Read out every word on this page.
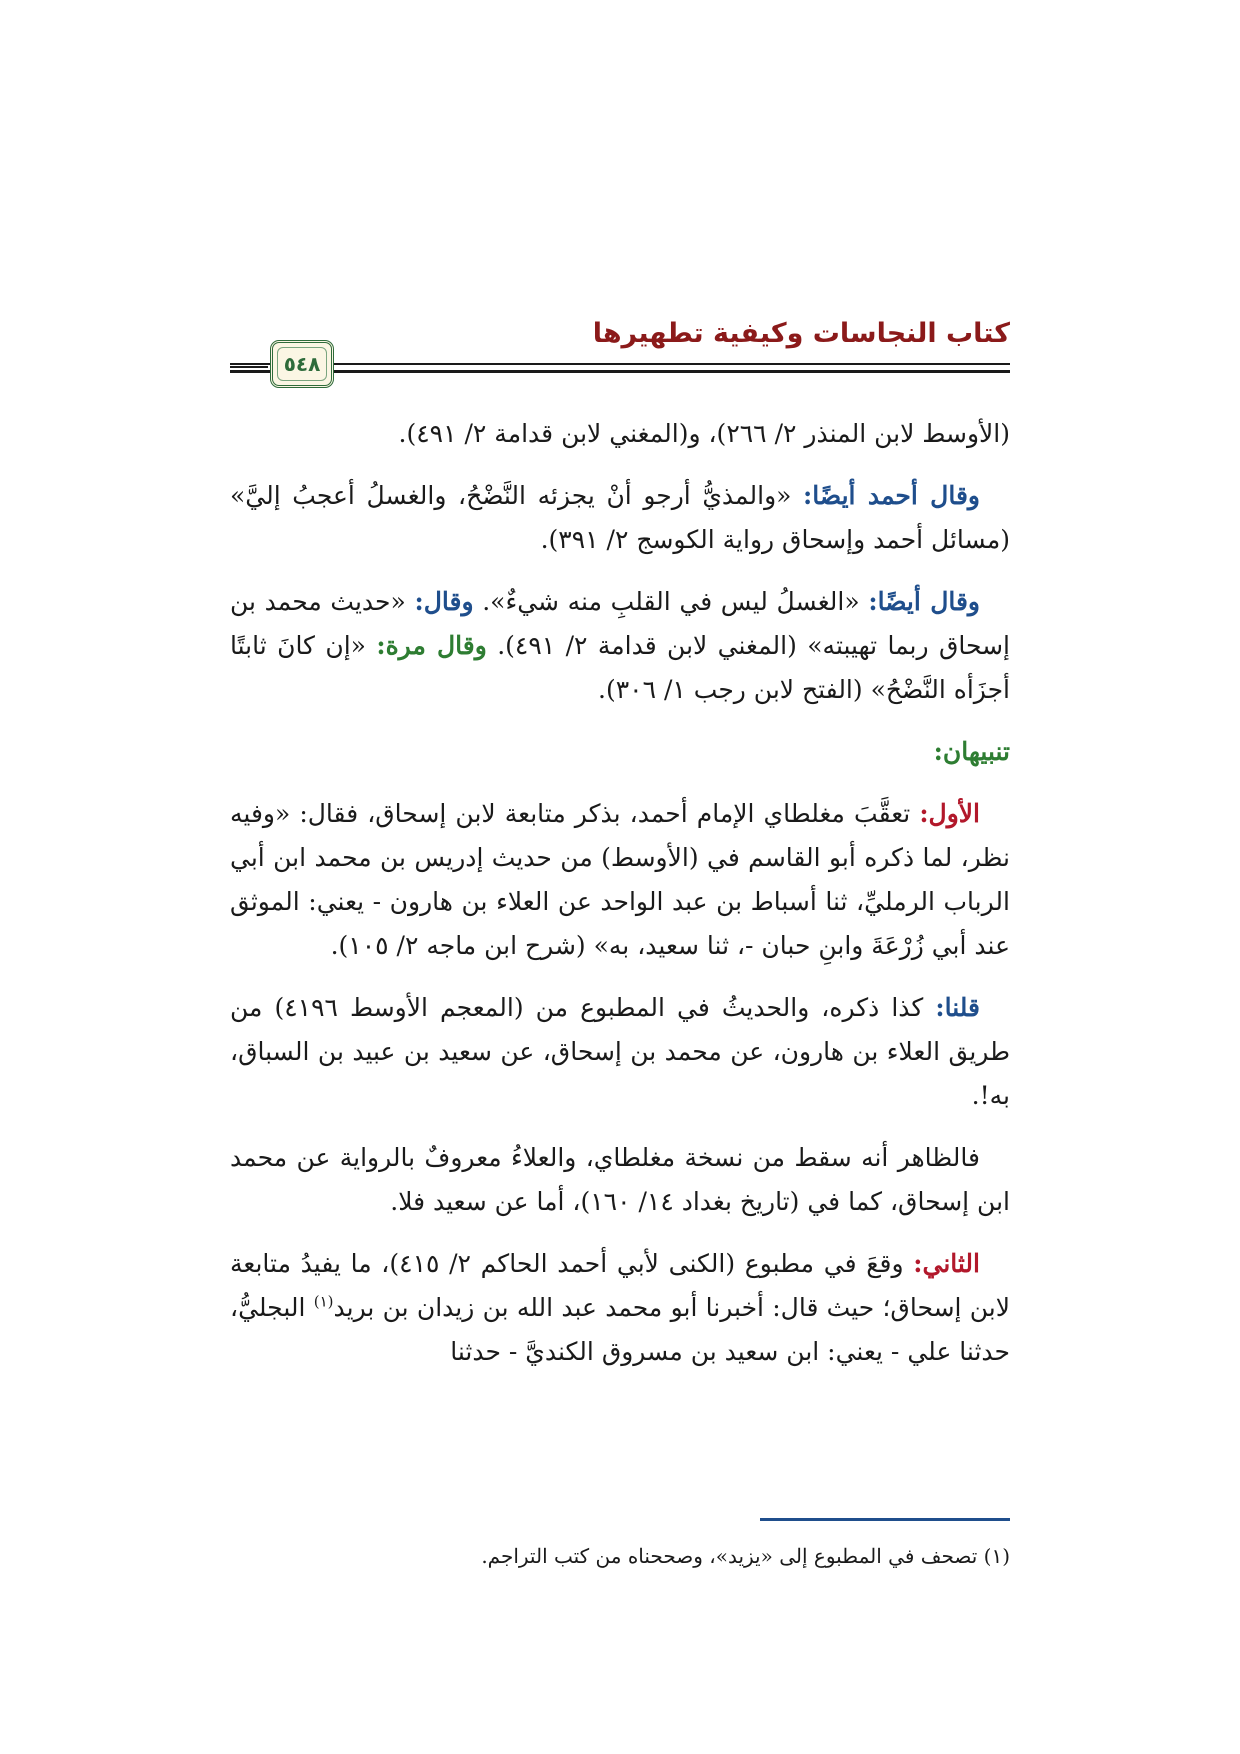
كتاب النجاسات وكيفية تطهيرها
٥٤٨

(الأوسط لابن المنذر ٢/ ٢٦٦)، و(المغني لابن قدامة ٢/ ٤٩١).

وقال أحمد أيضًا: «والمذيُّ أرجو أنْ يجزئه النَّضْحُ، والغسلُ أعجبُ إليَّ» (مسائل أحمد وإسحاق رواية الكوسج ٢/ ٣٩١).

وقال أيضًا: «الغسلُ ليس في القلبِ منه شيءٌ». وقال: «حديث محمد بن إسحاق ربما تهيبته» (المغني لابن قدامة ٢/ ٤٩١). وقال مرة: «إن كانَ ثابتًا أجزَأه النَّضْحُ» (الفتح لابن رجب ١/ ٣٠٦).

تنبيهان:

الأول: تعقَّبَ مغلطاي الإمام أحمد، بذكر متابعة لابن إسحاق، فقال: «وفيه نظر، لما ذكره أبو القاسم في (الأوسط) من حديث إدريس بن محمد ابن أبي الرباب الرمليِّ، ثنا أسباط بن عبد الواحد عن العلاء بن هارون - يعني: الموثق عند أبي زُرْعَةَ وابنِ حبان -، ثنا سعيد، به» (شرح ابن ماجه ٢/ ١٠٥).

قلنا: كذا ذكره، والحديثُ في المطبوع من (المعجم الأوسط ٤١٩٦) من طريق العلاء بن هارون، عن محمد بن إسحاق، عن سعيد بن عبيد بن السباق، به!.

فالظاهر أنه سقط من نسخة مغلطاي، والعلاءُ معروفٌ بالرواية عن محمد ابن إسحاق، كما في (تاريخ بغداد ١٤/ ١٦٠)، أما عن سعيد فلا.

الثاني: وقعَ في مطبوع (الكنى لأبي أحمد الحاكم ٢/ ٤١٥)، ما يفيدُ متابعة لابن إسحاق؛ حيث قال: أخبرنا أبو محمد عبد الله بن زيدان بن بريد$^{(١)}$ البجليُّ، حدثنا علي - يعني: ابن سعيد بن مسروق الكنديَّ - حدثنا

(١) تصحف في المطبوع إلى «يزيد»، وصححناه من كتب التراجم.
